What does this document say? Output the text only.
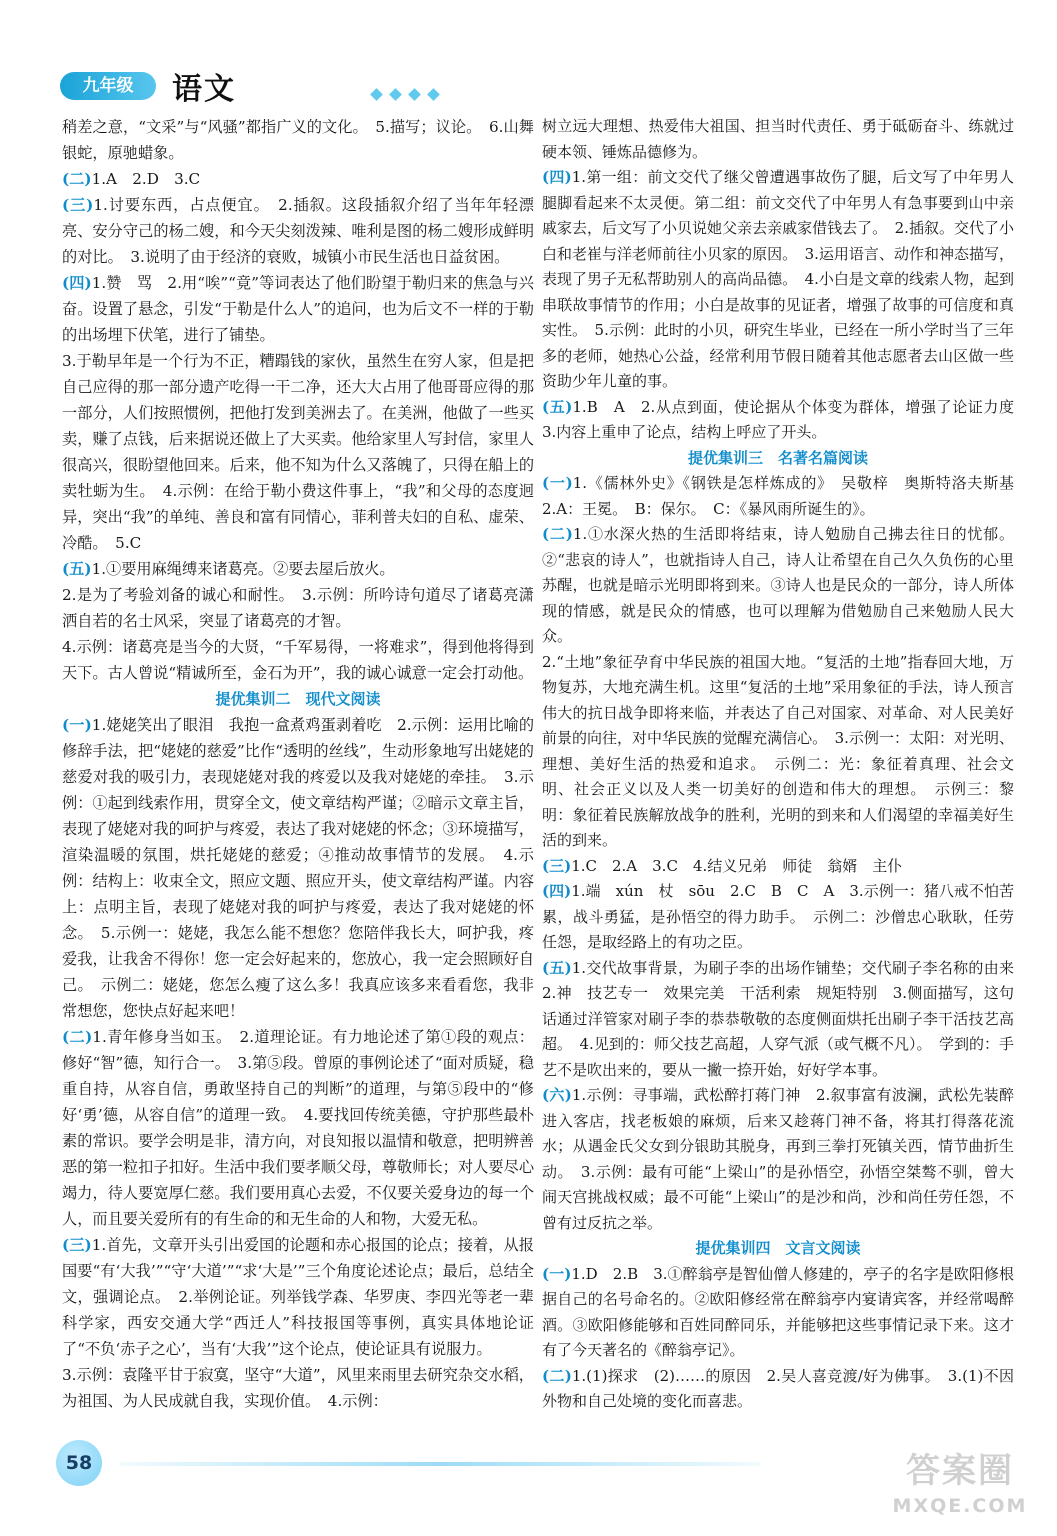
九年级	语文

稍差之意，“文采”与“风骚”都指广义的文化。　5.描写；议论。　6.山舞银蛇，原驰蜡象。

(二)1.A　2.D　3.C

(三)1.讨要东西，占点便宜。　2.插叙。这段插叙介绍了当年年轻漂亮、安分守己的杨二嫂，和今天尖刻泼辣、唯利是图的杨二嫂形成鲜明的对比。　3.说明了由于经济的衰败，城镇小市民生活也日益贫困。

(四)1.赞　骂　2.用“唉”“竟”等词表达了他们盼望于勒归来的焦急与兴奋。设置了悬念，引发“于勒是什么人”的追问，也为后文不一样的于勒的出场埋下伏笔，进行了铺垫。

3.于勒早年是一个行为不正，糟蹋钱的家伙，虽然生在穷人家，但是把自己应得的那一部分遗产吃得一干二净，还大大占用了他哥哥应得的那一部分，人们按照惯例，把他打发到美洲去了。在美洲，他做了一些买卖，赚了点钱，后来据说还做上了大买卖。他给家里人写封信，家里人很高兴，很盼望他回来。后来，他不知为什么又落魄了，只得在船上的卖牡蛎为生。　4.示例：在给于勒小费这件事上，“我”和父母的态度迥异，突出“我”的单纯、善良和富有同情心，菲利普夫妇的自私、虚荣、冷酷。　5.C

(五)1.①要用麻绳缚来诸葛亮。②要去屋后放火。

2.是为了考验刘备的诚心和耐性。　3.示例：所吟诗句道尽了诸葛亮潇洒自若的名士风采，突显了诸葛亮的才智。

4.示例：诸葛亮是当今的大贤，“千军易得，一将难求”，得到他将得到天下。古人曾说“精诚所至，金石为开”，我的诚心诚意一定会打动他。

提优集训二　现代文阅读

(一)1.姥姥笑出了眼泪　我抱一盒煮鸡蛋剥着吃　2.示例：运用比喻的修辞手法，把“姥姥的慈爱”比作“透明的丝线”，生动形象地写出姥姥的慈爱对我的吸引力，表现姥姥对我的疼爱以及我对姥姥的牵挂。　3.示例：①起到线索作用，贯穿全文，使文章结构严谨；②暗示文章主旨，表现了姥姥对我的呵护与疼爱，表达了我对姥姥的怀念；③环境描写，渲染温暖的氛围，烘托姥姥的慈爱；④推动故事情节的发展。　4.示例：结构上：收束全文，照应文题、照应开头，使文章结构严谨。内容上：点明主旨，表现了姥姥对我的呵护与疼爱，表达了我对姥姥的怀念。　5.示例一：姥姥，我怎么能不想您？您陪伴我长大，呵护我，疼爱我，让我舍不得你！您一定会好起来的，您放心，我一定会照顾好自己。　示例二：姥姥，您怎么瘦了这么多！我真应该多来看看您，我非常想您，您快点好起来吧！

(二)1.青年修身当如玉。　2.道理论证。有力地论述了第①段的观点：修好“智”德，知行合一。　3.第⑤段。曾原的事例论述了“面对质疑，稳重自持，从容自信，勇敢坚持自己的判断”的道理，与第⑤段中的“修好‘勇’德，从容自信”的道理一致。　4.要找回传统美德，守护那些最朴素的常识。要学会明是非，清方向，对良知报以温情和敬意，把明辨善恶的第一粒扣子扣好。生活中我们要孝顺父母，尊敬师长；对人要尽心竭力，待人要宽厚仁慈。我们要用真心去爱，不仅要关爱身边的每一个人，而且要关爱所有的有生命的和无生命的人和物，大爱无私。

(三)1.首先，文章开头引出爱国的论题和赤心报国的论点；接着，从报国要“有‘大我’”“守‘大道’”“求‘大是’”三个角度论述论点；最后，总结全文，强调论点。　2.举例论证。列举钱学森、华罗庚、李四光等老一辈科学家，西安交通大学“西迁人”科技报国等事例，真实具体地论证了“不负‘赤子之心’，当有‘大我’”这个论点，使论证具有说服力。

3.示例：袁隆平甘于寂寞，坚守“大道”，风里来雨里去研究杂交水稻，为祖国、为人民成就自我，实现价值。　4.示例：

树立远大理想、热爱伟大祖国、担当时代责任、勇于砥砺奋斗、练就过硬本领、锤炼品德修为。

(四)1.第一组：前文交代了继父曾遭遇事故伤了腿，后文写了中年男人腿脚看起来不太灵便。第二组：前文交代了中年男人有急事要到山中亲戚家去，后文写了小贝说她父亲去亲戚家借钱去了。　2.插叙。交代了小白和老崔与洋老师前往小贝家的原因。　3.运用语言、动作和神态描写，表现了男子无私帮助别人的高尚品德。　4.小白是文章的线索人物，起到串联故事情节的作用；小白是故事的见证者，增强了故事的可信度和真实性。　5.示例：此时的小贝，研究生毕业，已经在一所小学时当了三年多的老师，她热心公益，经常利用节假日随着其他志愿者去山区做一些资助少年儿童的事。

(五)1.B　A　2.从点到面，使论据从个体变为群体，增强了论证力度　3.内容上重申了论点，结构上呼应了开头。

提优集训三　名著名篇阅读

(一)1.《儒林外史》《钢铁是怎样炼成的》　吴敬梓　奥斯特洛夫斯基　2.A：王冕。　B：保尔。　C：《暴风雨所诞生的》。

(二)1.①水深火热的生活即将结束，诗人勉励自己拂去往日的忧郁。②“悲哀的诗人”，也就指诗人自己，诗人让希望在自己久久负伤的心里苏醒，也就是暗示光明即将到来。③诗人也是民众的一部分，诗人所体现的情感，就是民众的情感，也可以理解为借勉励自己来勉励人民大众。

2.“土地”象征孕育中华民族的祖国大地。“复活的土地”指春回大地，万物复苏，大地充满生机。这里“复活的土地”采用象征的手法，诗人预言伟大的抗日战争即将来临，并表达了自己对国家、对革命、对人民美好前景的向往，对中华民族的觉醒充满信心。　3.示例一：太阳：对光明、理想、美好生活的热爱和追求。　示例二：光：象征着真理、社会文明、社会正义以及人类一切美好的创造和伟大的理想。　示例三：黎明：象征着民族解放战争的胜利，光明的到来和人们渴望的幸福美好生活的到来。

(三)1.C　2.A　3.C　4.结义兄弟　师徒　翁婿　主仆

(四)1.端　xún　杖　sōu　2.C　B　C　A　3.示例一：猪八戒不怕苦累，战斗勇猛，是孙悟空的得力助手。　示例二：沙僧忠心耿耿，任劳任怨，是取经路上的有功之臣。

(五)1.交代故事背景，为刷子李的出场作铺垫；交代刷子李名称的由来　2.神　技艺专一　效果完美　干活利索　规矩特别　3.侧面描写，这句话通过洋管家对刷子李的恭恭敬敬的态度侧面烘托出刷子李干活技艺高超。　4.见到的：师父技艺高超，人穿气派（或气概不凡）。　学到的：手艺不是吹出来的，要从一撇一捺开始，好好学本事。

(六)1.示例：寻事端，武松醉打蒋门神　2.叙事富有波澜，武松先装醉进入客店，找老板娘的麻烦，后来又趁蒋门神不备，将其打得落花流水；从遇金氏父女到分银助其脱身，再到三拳打死镇关西，情节曲折生动。　3.示例：最有可能“上梁山”的是孙悟空，孙悟空桀骜不驯，曾大闹天宫挑战权威；最不可能“上梁山”的是沙和尚，沙和尚任劳任怨，不曾有过反抗之举。

提优集训四　文言文阅读

(一)1.D　2.B　3.①醉翁亭是智仙僧人修建的，亭子的名字是欧阳修根据自己的名号命名的。②欧阳修经常在醉翁亭内宴请宾客，并经常喝醉酒。③欧阳修能够和百姓同醉同乐，并能够把这些事情记录下来。这才有了今天著名的《醉翁亭记》。

(二)1.(1)探求　(2)……的原因　2.吴人喜竞渡/好为佛事。　3.(1)不因外物和自己处境的变化而喜悲。

58	答案圈
MXQE.COM
